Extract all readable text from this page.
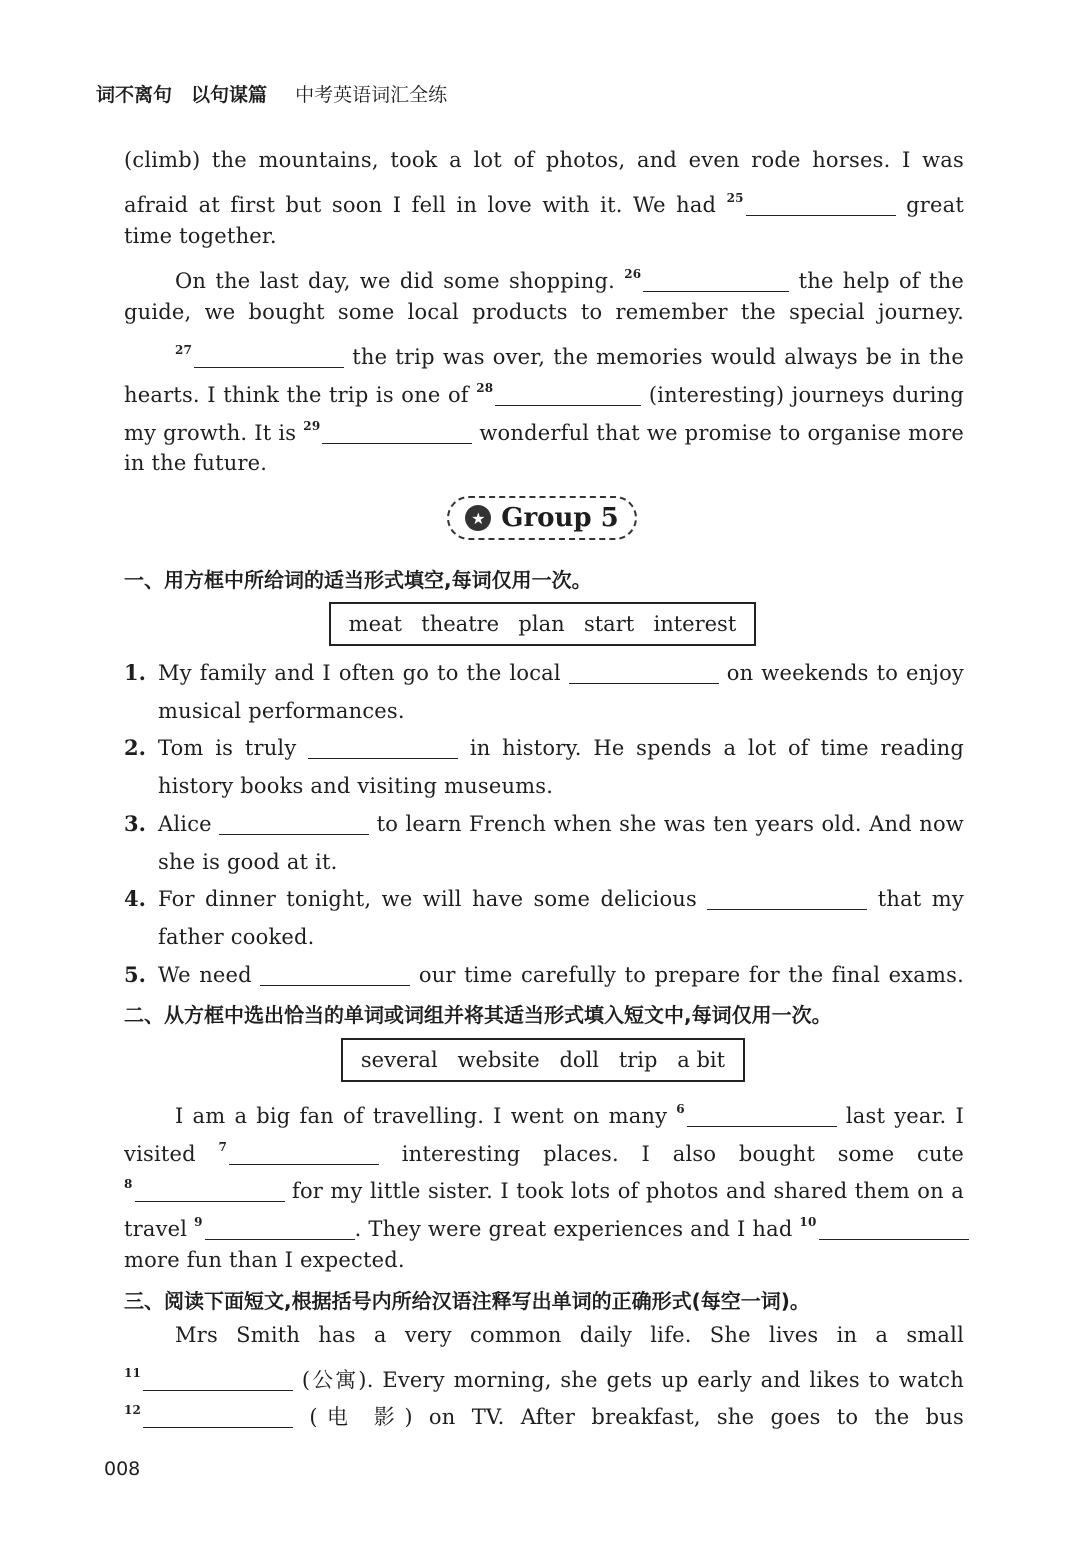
词不离句　以句谋篇 中考英语词汇全练
(climb) the mountains, took a lot of photos, and even rode horses. I was
afraid at first but soon I fell in love with it. We had $^{25}$	great
time together.
On the last day, we did some shopping. $^{26}$	the help of the
guide, we bought some local products to remember the special journey.
$^{27}$	the trip was over, the memories would always be in the
hearts. I think the trip is one of $^{28}$	(interesting) journeys during
my growth. It is $^{29}$	wonderful that we promise to organise more
in the future.
★ Group 5
一、用方框中所给词的适当形式填空,每词仅用一次。
meat theatre plan start interest
1. My family and I often go to the local	on weekends to enjoy
musical performances.
2. Tom is truly	in history. He spends a lot of time reading
history books and visiting museums.
3. Alice	to learn French when she was ten years old. And now
she is good at it.
4. For dinner tonight, we will have some delicious	that my
father cooked.
5. We need	our time carefully to prepare for the final exams.
二、从方框中选出恰当的单词或词组并将其适当形式填入短文中,每词仅用一次。
several website doll trip a bit
I am a big fan of travelling. I went on many $^6$	last year. I
visited $^7$	interesting places. I also bought some cute
$^8$	for my little sister. I took lots of photos and shared them on a
travel $^9$	. They were great experiences and I had $^{10}$
more fun than I expected.
三、阅读下面短文,根据括号内所给汉语注释写出单词的正确形式(每空一词)。
Mrs Smith has a very common daily life. She lives in a small
$^{11}$	(公寓). Every morning, she gets up early and likes to watch
$^{12}$	(电 影) on TV. After breakfast, she goes to the bus
008
